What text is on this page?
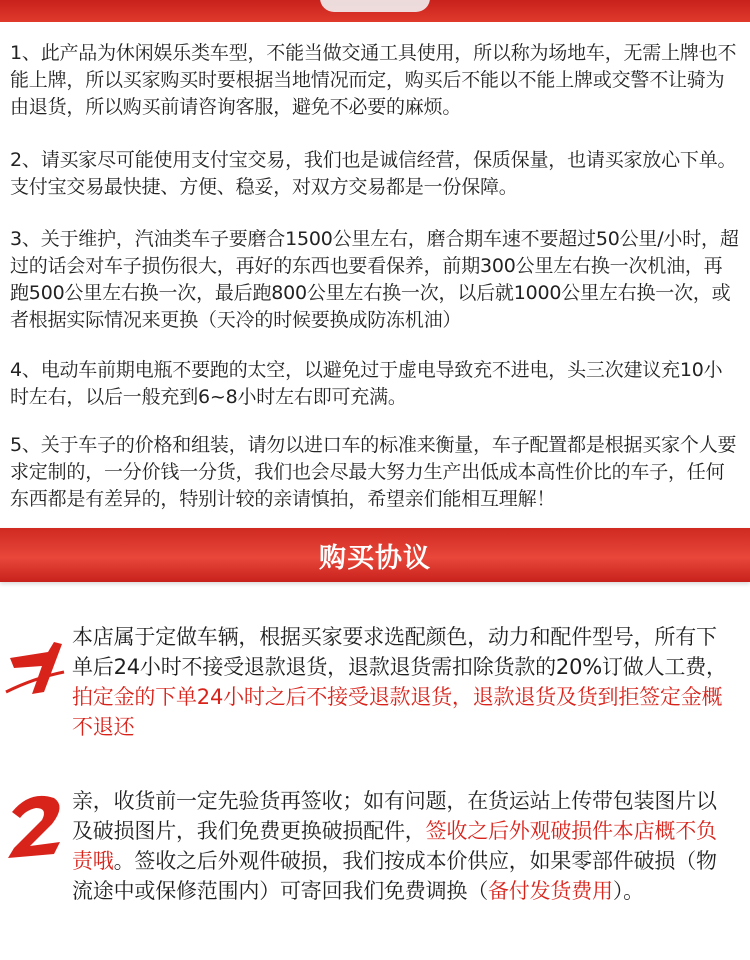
1、此产品为休闲娱乐类车型，不能当做交通工具使用，所以称为场地车，无需上牌也不能上牌，所以买家购买时要根据当地情况而定，购买后不能以不能上牌或交警不让骑为由退货，所以购买前请咨询客服，避免不必要的麻烦。
2、请买家尽可能使用支付宝交易，我们也是诚信经营，保质保量，也请买家放心下单。支付宝交易最快捷、方便、稳妥，对双方交易都是一份保障。
3、关于维护，汽油类车子要磨合1500公里左右，磨合期车速不要超过50公里/小时，超过的话会对车子损伤很大，再好的东西也要看保养，前期300公里左右换一次机油，再跑500公里左右换一次，最后跑800公里左右换一次，以后就1000公里左右换一次，或者根据实际情况来更换（天冷的时候要换成防冻机油）
4、电动车前期电瓶不要跑的太空，以避免过于虚电导致充不进电，头三次建议充10小时左右，以后一般充到6~8小时左右即可充满。
5、关于车子的价格和组装，请勿以进口车的标准来衡量，车子配置都是根据买家个人要求定制的，一分价钱一分货，我们也会尽最大努力生产出低成本高性价比的车子，任何东西都是有差异的，特别计较的亲请慎拍，希望亲们能相互理解！
购买协议
本店属于定做车辆，根据买家要求选配颜色，动力和配件型号，所有下单后24小时不接受退款退货，退款退货需扣除货款的20%订做人工费，拍定金的下单24小时之后不接受退款退货，退款退货及货到拒签定金概不退还
亲，收货前一定先验货再签收；如有问题，在货运站上传带包装图片以及破损图片，我们免费更换破损配件，签收之后外观破损件本店概不负责哦。签收之后外观件破损，我们按成本价供应，如果零部件破损（物流途中或保修范围内）可寄回我们免费调换（备付发货费用）。
